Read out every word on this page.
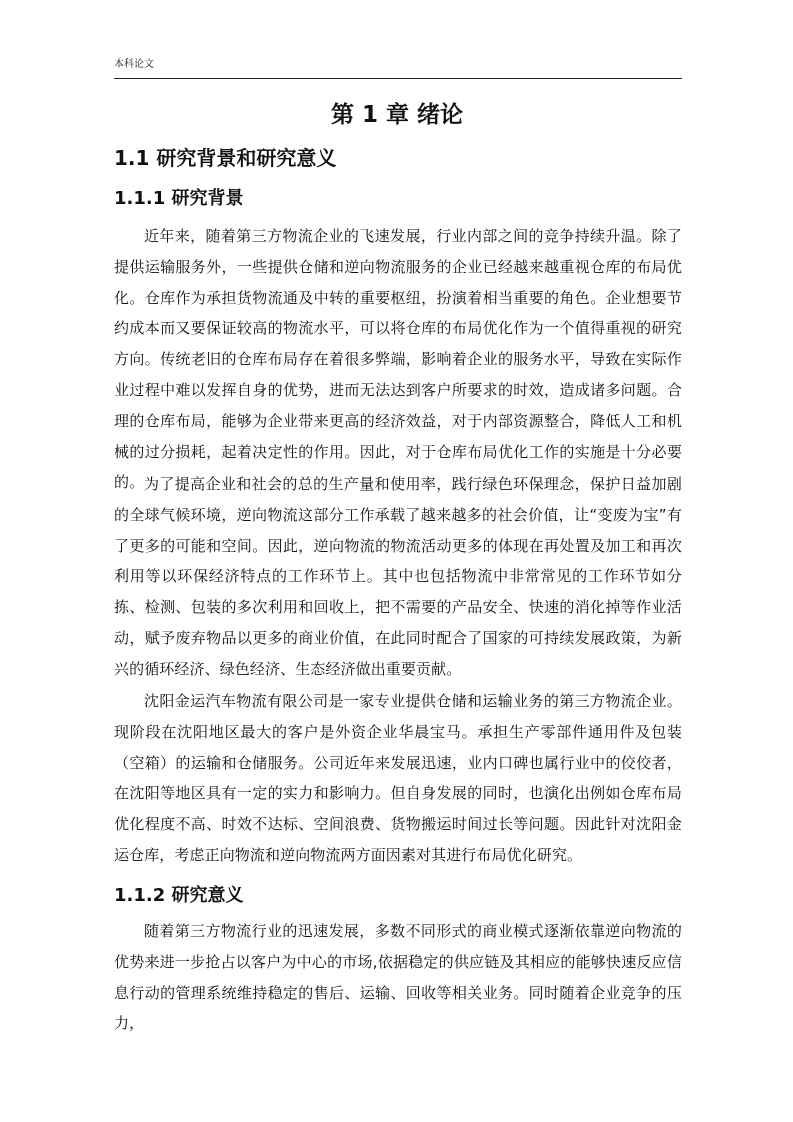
本科论文
第 1 章 绪论
1.1 研究背景和研究意义
1.1.1 研究背景

近年来，随着第三方物流企业的飞速发展，行业内部之间的竞争持续升温。除了提供运输服务外，一些提供仓储和逆向物流服务的企业已经越来越重视仓库的布局优化。仓库作为承担货物流通及中转的重要枢纽，扮演着相当重要的角色。企业想要节约成本而又要保证较高的物流水平，可以将仓库的布局优化作为一个值得重视的研究方向。传统老旧的仓库布局存在着很多弊端，影响着企业的服务水平，导致在实际作业过程中难以发挥自身的优势，进而无法达到客户所要求的时效，造成诸多问题。合理的仓库布局，能够为企业带来更高的经济效益，对于内部资源整合，降低人工和机械的过分损耗，起着决定性的作用。因此，对于仓库布局优化工作的实施是十分必要的。 为了提高企业和社会的总的生产量和使用率，践行绿色环保理念，保护日益加剧的全球气候环境，逆向物流这部分工作承载了越来越多的社会价值，让“变废为宝”有了更多的可能和空间。因此，逆向物流的物流活动更多的体现在再处置及加工和再次利用等以环保经济特点的工作环节上。其中也包括物流中非常常见的工作环节如分拣、检测、包装的多次利用和回收上，把不需要的产品安全、快速的消化掉等作业活动，赋予废弃物品以更多的商业价值，在此同时配合了国家的可持续发展政策，为新兴的循环经济、绿色经济、生态经济做出重要贡献。

沈阳金运汽车物流有限公司是一家专业提供仓储和运输业务的第三方物流企业。现阶段在沈阳地区最大的客户是外资企业华晨宝马。承担生产零部件通用件及包装（空箱）的运输和仓储服务。公司近年来发展迅速，业内口碑也属行业中的佼佼者，在沈阳等地区具有一定的实力和影响力。但自身发展的同时，也演化出例如仓库布局优化程度不高、时效不达标、空间浪费、货物搬运时间过长等问题。因此针对沈阳金运仓库，考虑正向物流和逆向物流两方面因素对其进行布局优化研究。

1.1.2 研究意义

随着第三方物流行业的迅速发展，多数不同形式的商业模式逐渐依靠逆向物流的优势来进一步抢占以客户为中心的市场,依据稳定的供应链及其相应的能够快速反应信息行动的管理系统维持稳定的售后、运输、回收等相关业务。同时随着企业竞争的压力，
